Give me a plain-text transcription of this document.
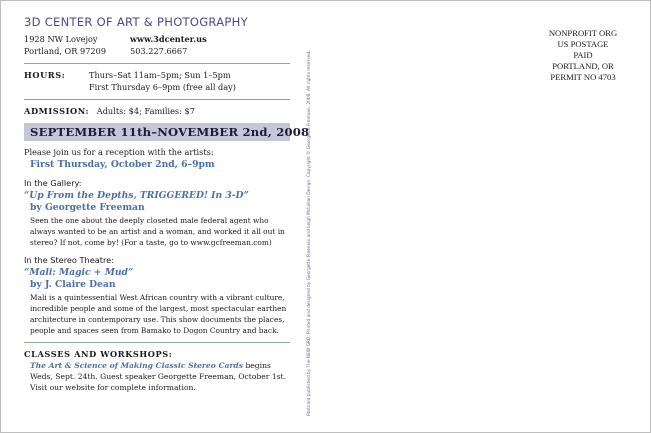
3D CENTER OF ART & PHOTOGRAPHY
1928 NW Lovejoy	www.3dcenter.us
Portland, OR 97209	503.227.6667
HOURS:	Thurs–Sat 11am–5pm; Sun 1–5pm
First Thursday 6–9pm (free all day)
ADMISSION: Adults: $4; Families: $7
SEPTEMBER 11th–NOVEMBER 2nd, 2008
Please join us for a reception with the artists:
First Thursday, October 2nd, 6–9pm
In the Gallery:
“Up From the Depths, TRIGGERED! In 3-D”
by Georgette Freeman
Seen the one about the deeply closeted male federal agent who always wanted to be an artist and a woman, and worked it all out in stereo? If not, come by! (For a taste, go to www.gcfreeman.com)
In the Stereo Theatre:
“Mali: Magic + Mud”
by J. Claire Dean
Mali is a quintessential West African country with a vibrant culture, incredible people and some of the largest, most spectacular earthen architecture in contemporary use. This show documents the places, people and spaces seen from Bamako to Dogon Country and back.
CLASSES AND WORKSHOPS:
The Art & Science of Making Classic Stereo Cards begins Weds, Sept. 24th. Guest speaker Georgette Freeman, October 1st. Visit our website for complete information.	Postcard published by The NEW GRD; Printed and designed by Georgette Freeman and Leigh McLellan Design. Copyright © Georgette Freeman, 2008. All rights reserved.
NONPROFIT ORG
US POSTAGE
PAID
PORTLAND, OR
PERMIT NO 4703
